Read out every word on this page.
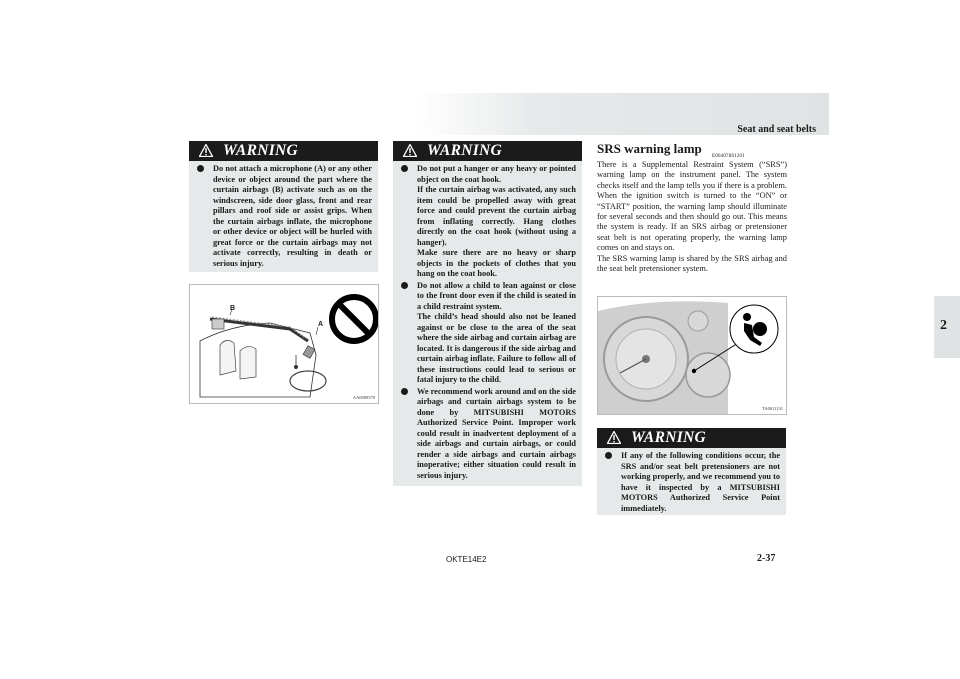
Seat and seat belts
2
WARNING

Do not attach a microphone (A) or any other device or object around the part where the curtain airbags (B) activate such as on the windscreen, side door glass, front and rear pillars and roof side or assist grips. When the curtain airbags inflate, the microphone or other device or object will be hurled with great force or the curtain airbags may not activate correctly, resulting in death or serious injury.

B
A
AA0089379
WARNING

Do not put a hanger or any heavy or pointed object on the coat hook.

If the curtain airbag was activated, any such item could be propelled away with great force and could prevent the curtain airbag from inflating correctly. Hang clothes directly on the coat hook (without using a hanger).

Make sure there are no heavy or sharp objects in the pockets of clothes that you hang on the coat hook.

Do not allow a child to lean against or close to the front door even if the child is seated in a child restraint system.

The child’s head should also not be leaned against or be close to the area of the seat where the side airbag and curtain airbag are located. It is dangerous if the side airbag and curtain airbag inflate. Failure to follow all of these instructions could lead to serious or fatal injury to the child.

We recommend work around and on the side airbags and curtain airbags system to be done by MITSUBISHI MOTORS Authorized Service Point. Improper work could result in inadvertent deployment of a side airbags and curtain airbags, or could render a side airbags and curtain airbags inoperative; either situation could result in serious injury.

SRS warning lamp
E00407801201

There is a Supplemental Restraint System (“SRS”) warning lamp on the instrument panel. The system checks itself and the lamp tells you if there is a problem. When the ignition switch is turned to the “ON” or “START” position, the warning lamp should illuminate for several seconds and then should go out. This means the system is ready. If an SRS airbag or pretensioner seat belt is not operating properly, the warning lamp comes on and stays on.

The SRS warning lamp is shared by the SRS airbag and the seat belt pretensioner system.

TA0011131
WARNING

If any of the following conditions occur, the SRS and/or seat belt pretensioners are not working properly, and we recommend you to have it inspected by a MITSUBISHI MOTORS Authorized Service Point immediately.

OKTE14E2	2-37
